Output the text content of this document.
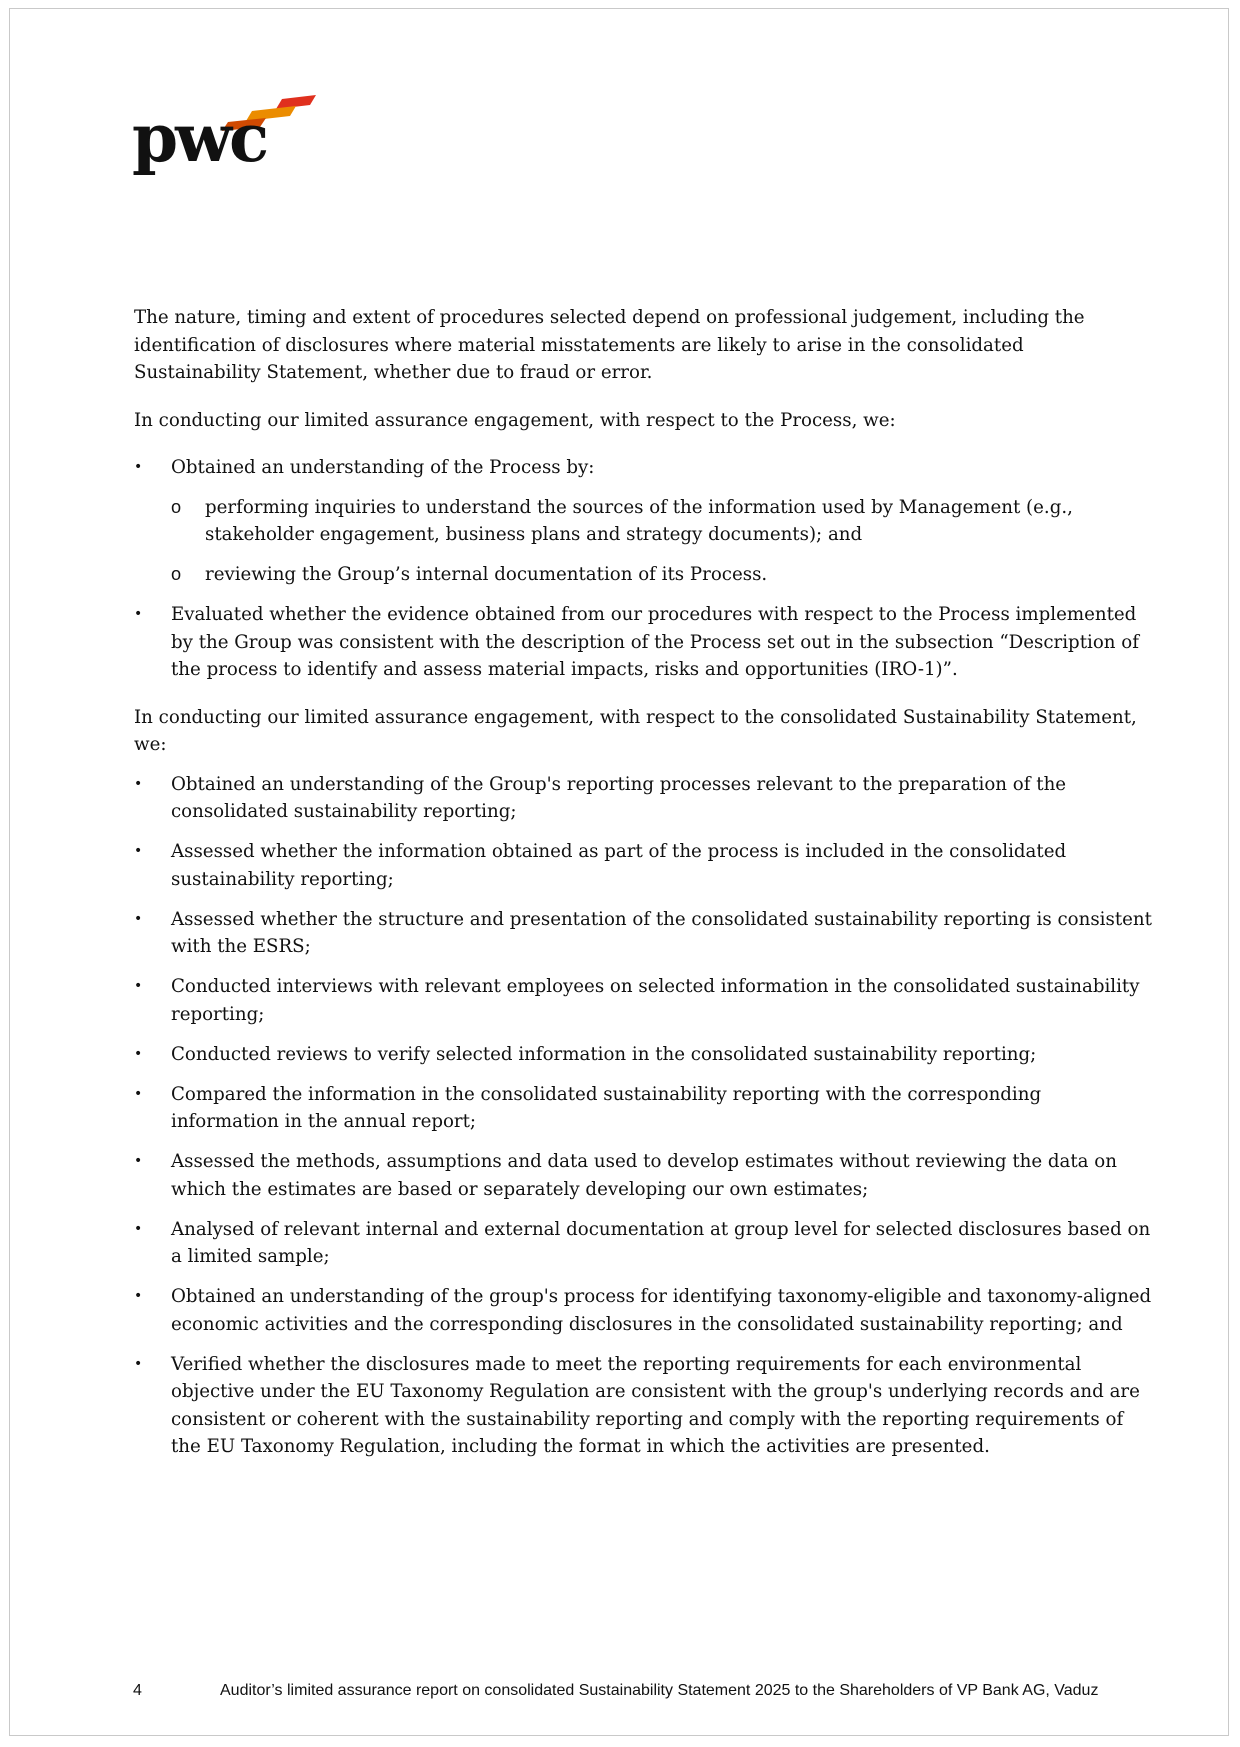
pwc

The nature, timing and extent of procedures selected depend on professional judgement, including the identification of disclosures where material misstatements are likely to arise in the consolidated Sustainability Statement, whether due to fraud or error.

In conducting our limited assurance engagement, with respect to the Process, we:

• Obtained an understanding of the Process by:
o performing inquiries to understand the sources of the information used by Management (e.g., stakeholder engagement, business plans and strategy documents); and
o reviewing the Group’s internal documentation of its Process.
• Evaluated whether the evidence obtained from our procedures with respect to the Process implemented by the Group was consistent with the description of the Process set out in the subsection “Description of the process to identify and assess material impacts, risks and opportunities (IRO-1)”.

In conducting our limited assurance engagement, with respect to the consolidated Sustainability Statement, we:

• Obtained an understanding of the Group's reporting processes relevant to the preparation of the consolidated sustainability reporting;
• Assessed whether the information obtained as part of the process is included in the consolidated sustainability reporting;
• Assessed whether the structure and presentation of the consolidated sustainability reporting is consistent with the ESRS;
• Conducted interviews with relevant employees on selected information in the consolidated sustainability reporting;
• Conducted reviews to verify selected information in the consolidated sustainability reporting;
• Compared the information in the consolidated sustainability reporting with the corresponding information in the annual report;
• Assessed the methods, assumptions and data used to develop estimates without reviewing the data on which the estimates are based or separately developing our own estimates;
• Analysed of relevant internal and external documentation at group level for selected disclosures based on a limited sample;
• Obtained an understanding of the group's process for identifying taxonomy-eligible and taxonomy-aligned economic activities and the corresponding disclosures in the consolidated sustainability reporting; and
• Verified whether the disclosures made to meet the reporting requirements for each environmental objective under the EU Taxonomy Regulation are consistent with the group's underlying records and are consistent or coherent with the sustainability reporting and comply with the reporting requirements of the EU Taxonomy Regulation, including the format in which the activities are presented.
4	Auditor’s limited assurance report on consolidated Sustainability Statement 2025 to the Shareholders of VP Bank AG, Vaduz
